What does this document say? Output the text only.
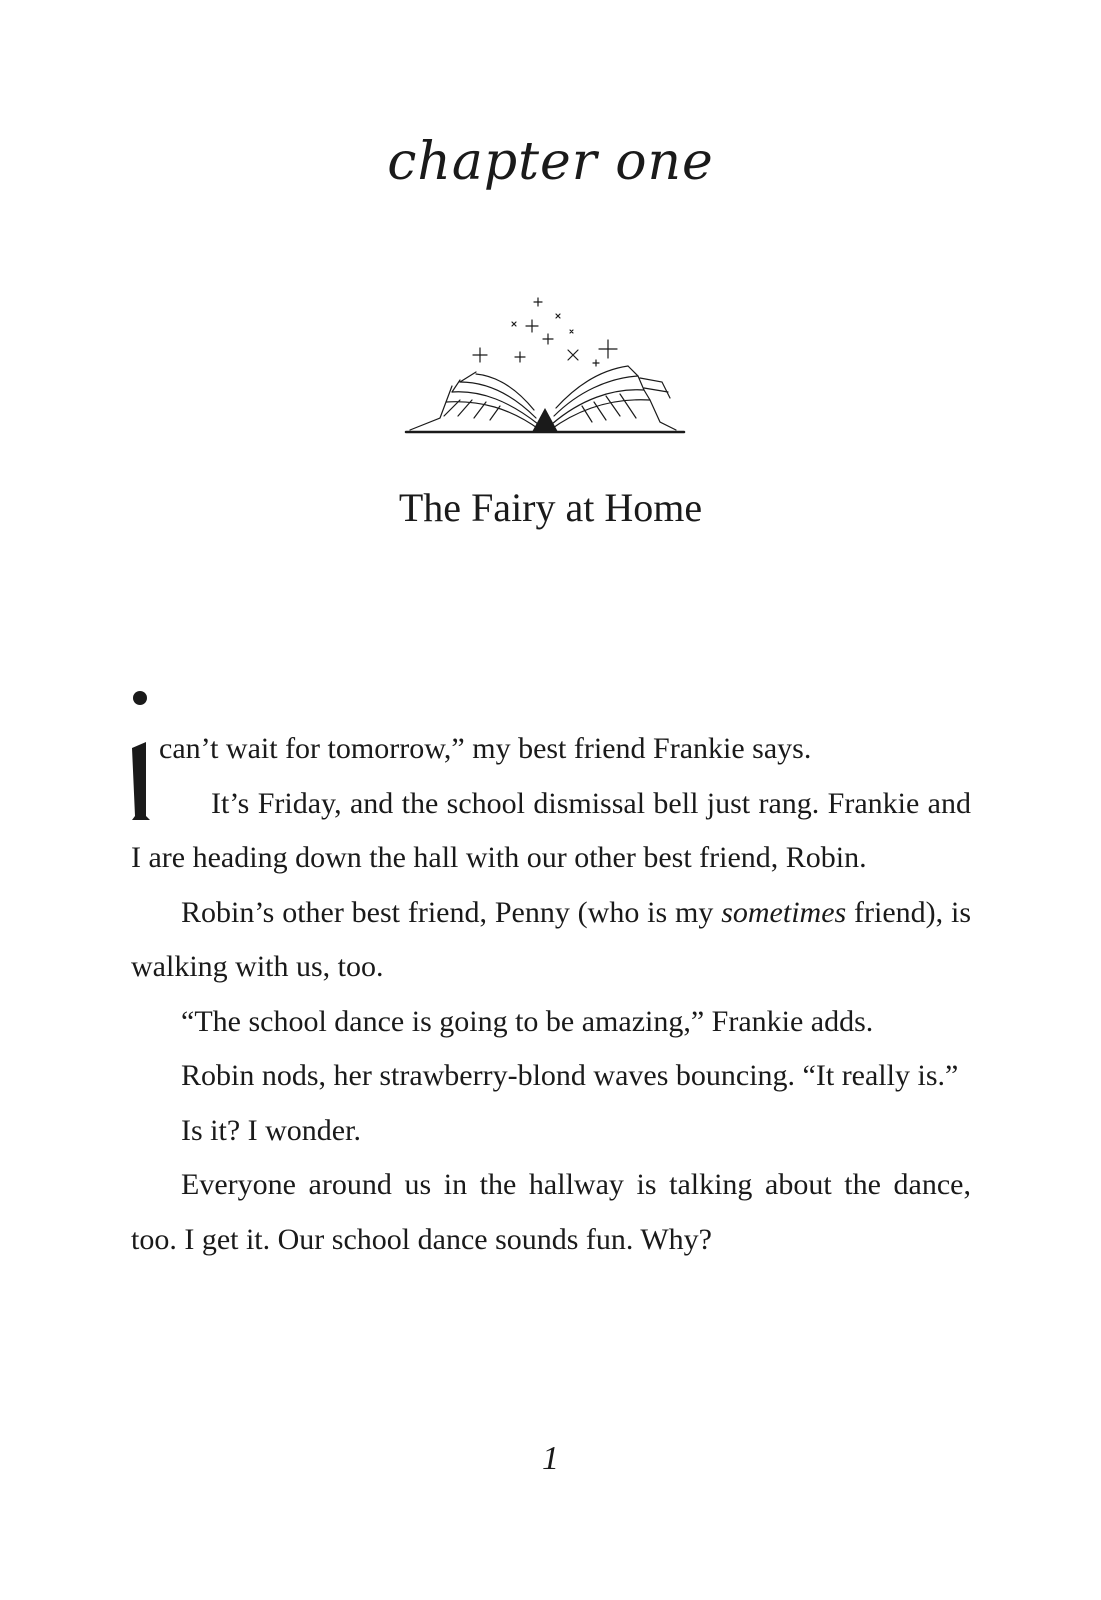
chapter one
The Fairy at Home

can’t wait for tomorrow,” my best friend Frankie says.

It’s Friday, and the school dismissal bell just rang. Frankie and I are heading down the hall with our other best friend, Robin.

Robin’s other best friend, Penny (who is my sometimes friend), is walking with us, too.

“The school dance is going to be amazing,” Frankie adds.

Robin nods, her strawberry-blond waves bouncing. “It really is.”

Is it? I wonder.

Everyone around us in the hallway is talking about the dance, too. I get it. Our school dance sounds fun. Why?

1
